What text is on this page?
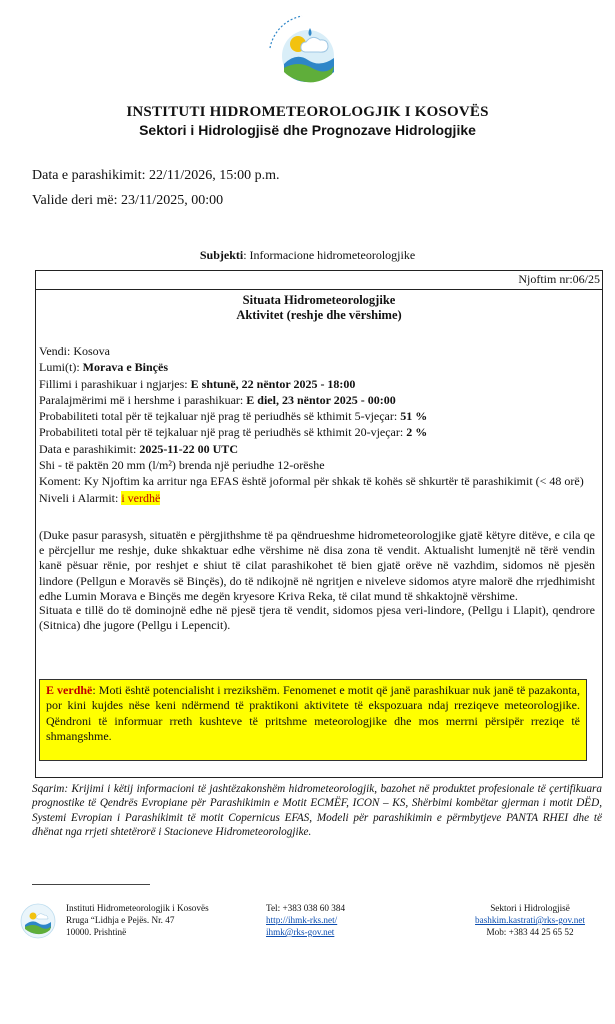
INSTITUTI HIDROMETEOROLOGJIK I KOSOVËS
Sektori i Hidrologjisë dhe Prognozave Hidrologjike
Data e parashikimit: 22/11/2026, 15:00 p.m.
Valide deri më: 23/11/2025, 00:00
Subjekti: Informacione hidrometeorologjike
Njoftim nr:06/25
Situata Hidrometeorologjike
Aktivitet (reshje dhe vërshime)
Vendi: Kosova
Lumi(t): Morava e Binçës
Fillimi i parashikuar i ngjarjes: E shtunë, 22 nëntor 2025 - 18:00
Paralajmërimi më i hershme i parashikuar: E diel, 23 nëntor 2025 - 00:00
Probabiliteti total për të tejkaluar një prag të periudhës së kthimit 5-vjeçar: 51 %
Probabiliteti total për të tejkaluar një prag të periudhës së kthimit 20-vjeçar: 2 %
Data e parashikimit: 2025-11-22 00 UTC
Shi - të paktën 20 mm (l/m²) brenda një periudhe 12-orëshe
Koment: Ky Njoftim ka arritur nga EFAS është joformal për shkak të kohës së shkurtër të parashikimit (< 48 orë)
Niveli i Alarmit: i verdhë
(Duke pasur parasysh, situatën e përgjithshme të pa qëndrueshme hidrometeorologjike gjatë këtyre ditëve, e cila qe e përcjellur me reshje, duke shkaktuar edhe vërshime në disa zona të vendit. Aktualisht lumenjtë në tërë vendin kanë pësuar rënie, por reshjet e shiut të cilat parashikohet të bien gjatë orëve në vazhdim, sidomos në pjesën lindore (Pellgun e Moravës së Binçës), do të ndikojnë në ngritjen e niveleve sidomos atyre malorë dhe rrjedhimisht edhe Lumin Morava e Binçës me degën kryesore Kriva Reka, të cilat mund të shkaktojnë vërshime.
Situata e tillë do të dominojnë edhe në pjesë tjera të vendit, sidomos pjesa veri-lindore, (Pellgu i Llapit), qendrore (Sitnica) dhe jugore (Pellgu i Lepencit).
E verdhë: Moti është potencialisht i rrezikshëm. Fenomenet e motit që janë parashikuar nuk janë të pazakonta, por kini kujdes nëse keni ndërmend të praktikoni aktivitete të ekspozuara ndaj rreziqeve meteorologjike. Qëndroni të informuar rreth kushteve të pritshme meteorologjike dhe mos merrni përsipër rreziqe të shmangshme.
Sqarim: Krijimi i këtij informacioni të jashtëzakonshëm hidrometeorologjik, bazohet në produktet profesionale të çertifikuara prognostike të Qendrës Evropiane për Parashikimin e Motit ECMËF, ICON – KS, Shërbimi kombëtar gjerman i motit DËD, Systemi Evropian i Parashikimit të motit Copernicus EFAS, Modeli për parashikimin e përmbytjeve PANTA RHEI dhe të dhënat nga rrjeti shtetërorë i Stacioneve Hidrometeorologjike.
Instituti Hidrometeorologjik i Kosovës
Rruga “Lidhja e Pejës. Nr. 47
10000. Prishtinë
Tel: +383 038 60 384
http://ihmk-rks.net/
ihmk@rks-gov.net
Sektori i Hidrologjisë
bashkim.kastrati@rks-gov.net
Mob: +383 44 25 65 52
